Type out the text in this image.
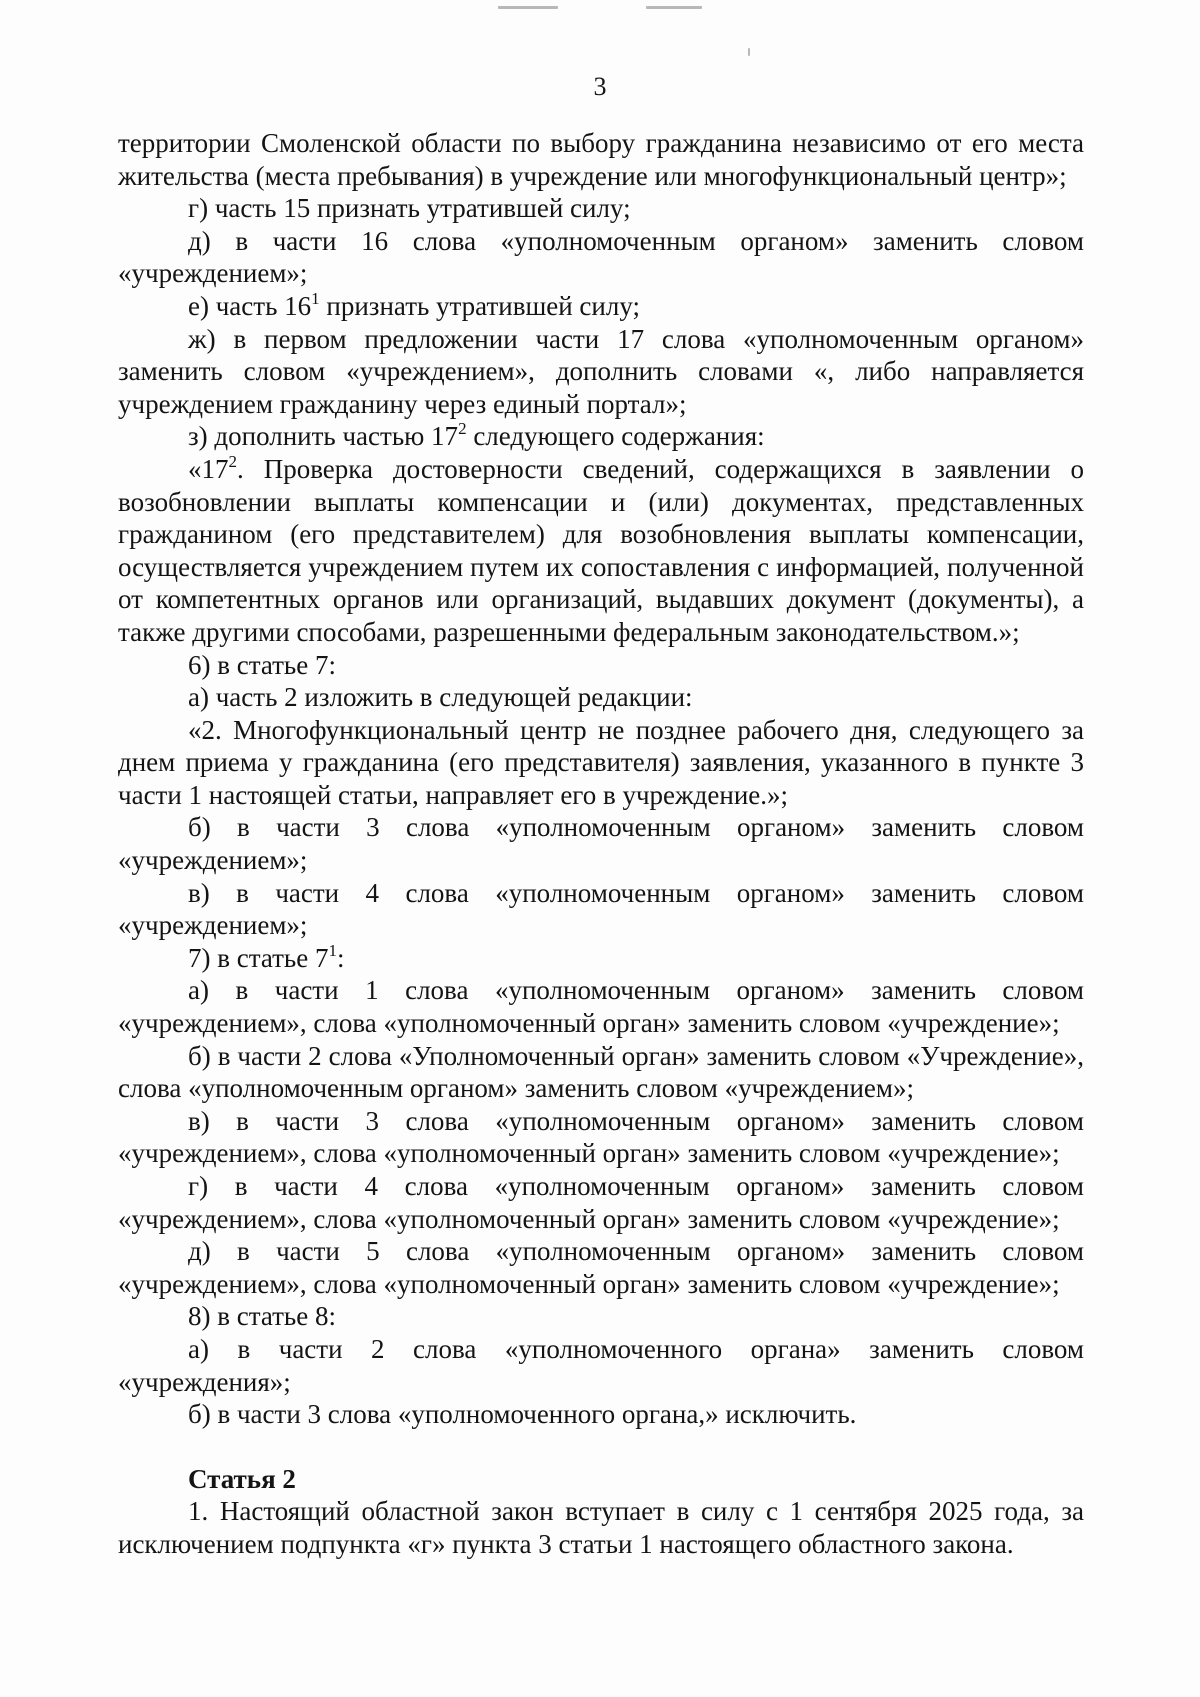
3

территории Смоленской области по выбору гражданина независимо от его места жительства (места пребывания) в учреждение или многофункциональный центр»;

г) часть 15 признать утратившей силу;

д) в части 16 слова «уполномоченным органом» заменить словом «учреждением»;

е) часть $16^1$ признать утратившей силу;

ж) в первом предложении части 17 слова «уполномоченным органом» заменить словом «учреждением», дополнить словами «, либо направляется учреждением гражданину через единый портал»;

з) дополнить частью $17^2$ следующего содержания:

«$17^2$. Проверка достоверности сведений, содержащихся в заявлении о возобновлении выплаты компенсации и (или) документах, представленных гражданином (его представителем) для возобновления выплаты компенсации, осуществляется учреждением путем их сопоставления с информацией, полученной от компетентных органов или организаций, выдавших документ (документы), а также другими способами, разрешенными федеральным законодательством.»;

6) в статье 7:

а) часть 2 изложить в следующей редакции:

«2. Многофункциональный центр не позднее рабочего дня, следующего за днем приема у гражданина (его представителя) заявления, указанного в пункте 3 части 1 настоящей статьи, направляет его в учреждение.»;

б) в части 3 слова «уполномоченным органом» заменить словом «учреждением»;

в) в части 4 слова «уполномоченным органом» заменить словом «учреждением»;

7) в статье $7^1$:

а) в части 1 слова «уполномоченным органом» заменить словом «учреждением», слова «уполномоченный орган» заменить словом «учреждение»;

б) в части 2 слова «Уполномоченный орган» заменить словом «Учреждение», слова «уполномоченным органом» заменить словом «учреждением»;

в) в части 3 слова «уполномоченным органом» заменить словом «учреждением», слова «уполномоченный орган» заменить словом «учреждение»;

г) в части 4 слова «уполномоченным органом» заменить словом «учреждением», слова «уполномоченный орган» заменить словом «учреждение»;

д) в части 5 слова «уполномоченным органом» заменить словом «учреждением», слова «уполномоченный орган» заменить словом «учреждение»;

8) в статье 8:

а) в части 2 слова «уполномоченного органа» заменить словом «учреждения»;

б) в части 3 слова «уполномоченного органа,» исключить.

Статья 2

1. Настоящий областной закон вступает в силу с 1 сентября 2025 года, за исключением подпункта «г» пункта 3 статьи 1 настоящего областного закона.
